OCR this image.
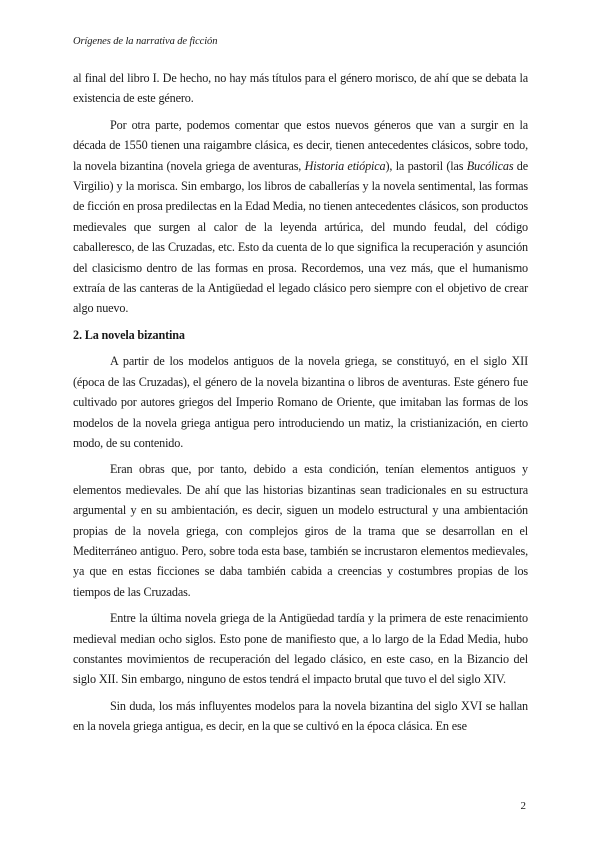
Orígenes de la narrativa de ficción

al final del libro I. De hecho, no hay más títulos para el género morisco, de ahí que se debata la existencia de este género.

Por otra parte, podemos comentar que estos nuevos géneros que van a surgir en la década de 1550 tienen una raigambre clásica, es decir, tienen antecedentes clásicos, sobre todo, la novela bizantina (novela griega de aventuras, Historia etiópica), la pastoril (las Bucólicas de Virgilio) y la morisca. Sin embargo, los libros de caballerías y la novela sentimental, las formas de ficción en prosa predilectas en la Edad Media, no tienen antecedentes clásicos, son productos medievales que surgen al calor de la leyenda artúrica, del mundo feudal, del código caballeresco, de las Cruzadas, etc. Esto da cuenta de lo que significa la recuperación y asunción del clasicismo dentro de las formas en prosa. Recordemos, una vez más, que el humanismo extraía de las canteras de la Antigüedad el legado clásico pero siempre con el objetivo de crear algo nuevo.

2. La novela bizantina

A partir de los modelos antiguos de la novela griega, se constituyó, en el siglo XII (época de las Cruzadas), el género de la novela bizantina o libros de aventuras. Este género fue cultivado por autores griegos del Imperio Romano de Oriente, que imitaban las formas de los modelos de la novela griega antigua pero introduciendo un matiz, la cristianización, en cierto modo, de su contenido.

Eran obras que, por tanto, debido a esta condición, tenían elementos antiguos y elementos medievales. De ahí que las historias bizantinas sean tradicionales en su estructura argumental y en su ambientación, es decir, siguen un modelo estructural y una ambientación propias de la novela griega, con complejos giros de la trama que se desarrollan en el Mediterráneo antiguo. Pero, sobre toda esta base, también se incrustaron elementos medievales, ya que en estas ficciones se daba también cabida a creencias y costumbres propias de los tiempos de las Cruzadas.

Entre la última novela griega de la Antigüedad tardía y la primera de este renacimiento medieval median ocho siglos. Esto pone de manifiesto que, a lo largo de la Edad Media, hubo constantes movimientos de recuperación del legado clásico, en este caso, en la Bizancio del siglo XII. Sin embargo, ninguno de estos tendrá el impacto brutal que tuvo el del siglo XIV.

Sin duda, los más influyentes modelos para la novela bizantina del siglo XVI se hallan en la novela griega antigua, es decir, en la que se cultivó en la época clásica. En ese

2
